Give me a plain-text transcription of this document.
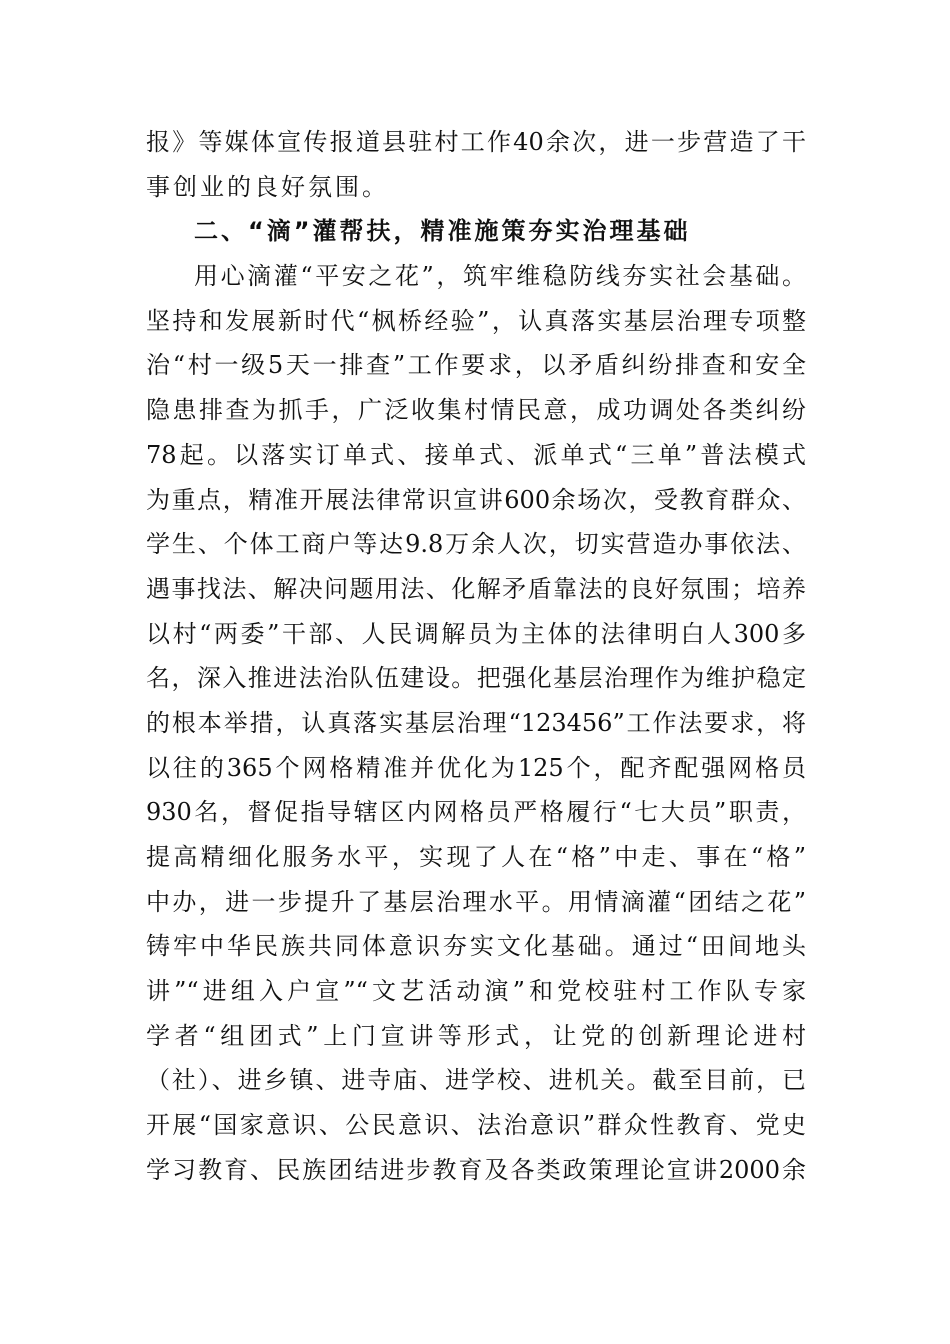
报》等媒体宣传报道县驻村工作40余次，进一步营造了干
事创业的良好氛围。
二、“滴”灌帮扶，精准施策夯实治理基础
用心滴灌“平安之花”，筑牢维稳防线夯实社会基础。
坚持和发展新时代“枫桥经验”，认真落实基层治理专项整
治“村一级5天一排查”工作要求，以矛盾纠纷排查和安全
隐患排查为抓手，广泛收集村情民意，成功调处各类纠纷
78起。以落实订单式、接单式、派单式“三单”普法模式
为重点，精准开展法律常识宣讲600余场次，受教育群众、
学生、个体工商户等达9.8万余人次，切实营造办事依法、
遇事找法、解决问题用法、化解矛盾靠法的良好氛围；培养
以村“两委”干部、人民调解员为主体的法律明白人300多
名，深入推进法治队伍建设。把强化基层治理作为维护稳定
的根本举措，认真落实基层治理“123456”工作法要求，将
以往的365个网格精准并优化为125个，配齐配强网格员
930名，督促指导辖区内网格员严格履行“七大员”职责，
提高精细化服务水平，实现了人在“格”中走、事在“格”
中办，进一步提升了基层治理水平。用情滴灌“团结之花”
铸牢中华民族共同体意识夯实文化基础。通过“田间地头
讲”“进组入户宣”“文艺活动演”和党校驻村工作队专家
学者“组团式”上门宣讲等形式，让党的创新理论进村
（社）、进乡镇、进寺庙、进学校、进机关。截至目前，已
开展“国家意识、公民意识、法治意识”群众性教育、党史
学习教育、民族团结进步教育及各类政策理论宣讲2000余
